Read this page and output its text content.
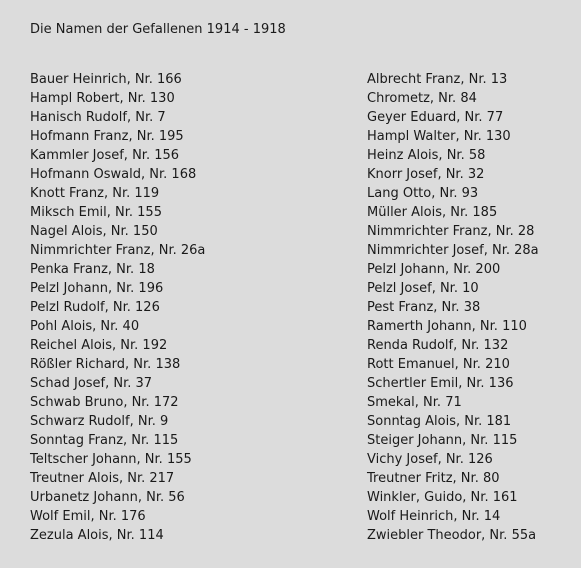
Die Namen der Gefallenen 1914 - 1918
Bauer Heinrich, Nr. 166
Hampl Robert, Nr. 130
Hanisch Rudolf, Nr. 7
Hofmann Franz, Nr. 195
Kammler Josef, Nr. 156
Hofmann Oswald, Nr. 168
Knott Franz, Nr. 119
Miksch Emil, Nr. 155
Nagel Alois, Nr. 150
Nimmrichter Franz, Nr. 26a
Penka Franz, Nr. 18
Pelzl Johann, Nr. 196
Pelzl Rudolf, Nr. 126
Pohl Alois, Nr. 40
Reichel Alois, Nr. 192
Rößler Richard, Nr. 138
Schad Josef, Nr. 37
Schwab Bruno, Nr. 172
Schwarz Rudolf, Nr. 9
Sonntag Franz, Nr. 115
Teltscher Johann, Nr. 155
Treutner Alois, Nr. 217
Urbanetz Johann, Nr. 56
Wolf Emil, Nr. 176
Zezula Alois, Nr. 114
Albrecht Franz, Nr. 13
Chrometz, Nr. 84
Geyer Eduard, Nr. 77
Hampl Walter, Nr. 130
Heinz Alois, Nr. 58
Knorr Josef, Nr. 32
Lang Otto, Nr. 93
Müller Alois, Nr. 185
Nimmrichter Franz, Nr. 28
Nimmrichter Josef, Nr. 28a
Pelzl Johann, Nr. 200
Pelzl Josef, Nr. 10
Pest Franz, Nr. 38
Ramerth Johann, Nr. 110
Renda Rudolf, Nr. 132
Rott Emanuel, Nr. 210
Schertler Emil, Nr. 136
Smekal, Nr. 71
Sonntag Alois, Nr. 181
Steiger Johann, Nr. 115
Vichy Josef, Nr. 126
Treutner Fritz, Nr. 80
Winkler, Guido, Nr. 161
Wolf Heinrich, Nr. 14
Zwiebler Theodor, Nr. 55a
